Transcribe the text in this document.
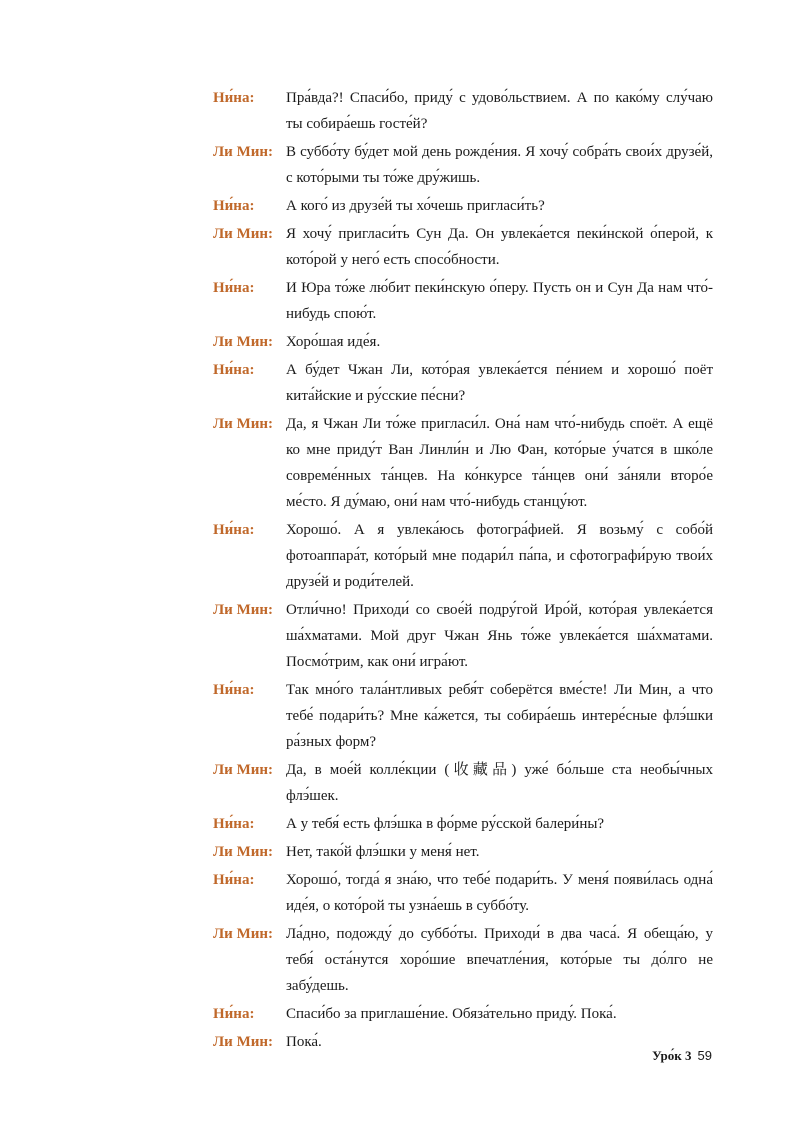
Ни́на:	Пра́вда?! Спаси́бо, приду́ с удово́льствием. А по како́му слу́чаю ты собира́ешь госте́й?
Ли Мин: В суббо́ту бу́дет мой день рожде́ния. Я хочу́ собра́ть свои́х друзе́й, с кото́рыми ты то́же дру́жишь.
Ни́на:	А кого́ из друзе́й ты хо́чешь пригласи́ть?
Ли Мин: Я хочу́ пригласи́ть Сун Да. Он увлека́ется пеки́нской о́перой, к кото́рой у него́ есть спосо́бности.
Ни́на:	И Юра то́же лю́бит пеки́нскую о́перу. Пусть он и Сун Да нам что́-нибудь спою́т.
Ли Мин: Хоро́шая иде́я.
Ни́на:	А бу́дет Чжан Ли, кото́рая увлека́ется пе́нием и хорошо́ поёт кита́йские и ру́сские пе́сни?
Ли Мин: Да, я Чжан Ли то́же пригласи́л. Она́ нам что́-нибудь споёт. А ещё ко мне приду́т Ван Линли́н и Лю Фан, кото́рые у́чатся в шко́ле совреме́нных та́нцев. На ко́нкурсе та́нцев они́ за́няли второ́е ме́сто. Я ду́маю, они́ нам что́-нибудь станцу́ют.
Ни́на:	Хорошо́. А я увлека́юсь фотогра́фией. Я возьму́ с собо́й фотоаппара́т, кото́рый мне подари́л па́па, и сфотографи́рую твои́х друзе́й и роди́телей.
Ли Мин: Отли́чно! Приходи́ со свое́й подру́гой Иро́й, кото́рая увлека́ется ша́хматами. Мой друг Чжан Янь то́же увлека́ется ша́хматами. Посмо́трим, как они́ игра́ют.
Ни́на:	Так мно́го тала́нтливых ребя́т соберётся вме́сте! Ли Мин, а что тебе́ подари́ть? Мне ка́жется, ты собира́ешь интере́сные флэ́шки ра́зных форм?
Ли Мин: Да, в мое́й колле́кции (收藏品) уже́ бо́льше ста необы́чных флэ́шек.
Ни́на:	А у тебя́ есть флэ́шка в фо́рме ру́сской балери́ны?
Ли Мин: Нет, тако́й флэ́шки у меня́ нет.
Ни́на:	Хорошо́, тогда́ я зна́ю, что тебе́ подари́ть. У меня́ появи́лась одна́ иде́я, о кото́рой ты узна́ешь в суббо́ту.
Ли Мин: Ла́дно, подожду́ до суббо́ты. Приходи́ в два часа́. Я обеща́ю, у тебя́ оста́нутся хоро́шие впечатле́ния, кото́рые ты до́лго не забу́дешь.
Ни́на:	Спаси́бо за приглаше́ние. Обяза́тельно приду́. Пока́.
Ли Мин: Пока́.
Уро́к 3 59
